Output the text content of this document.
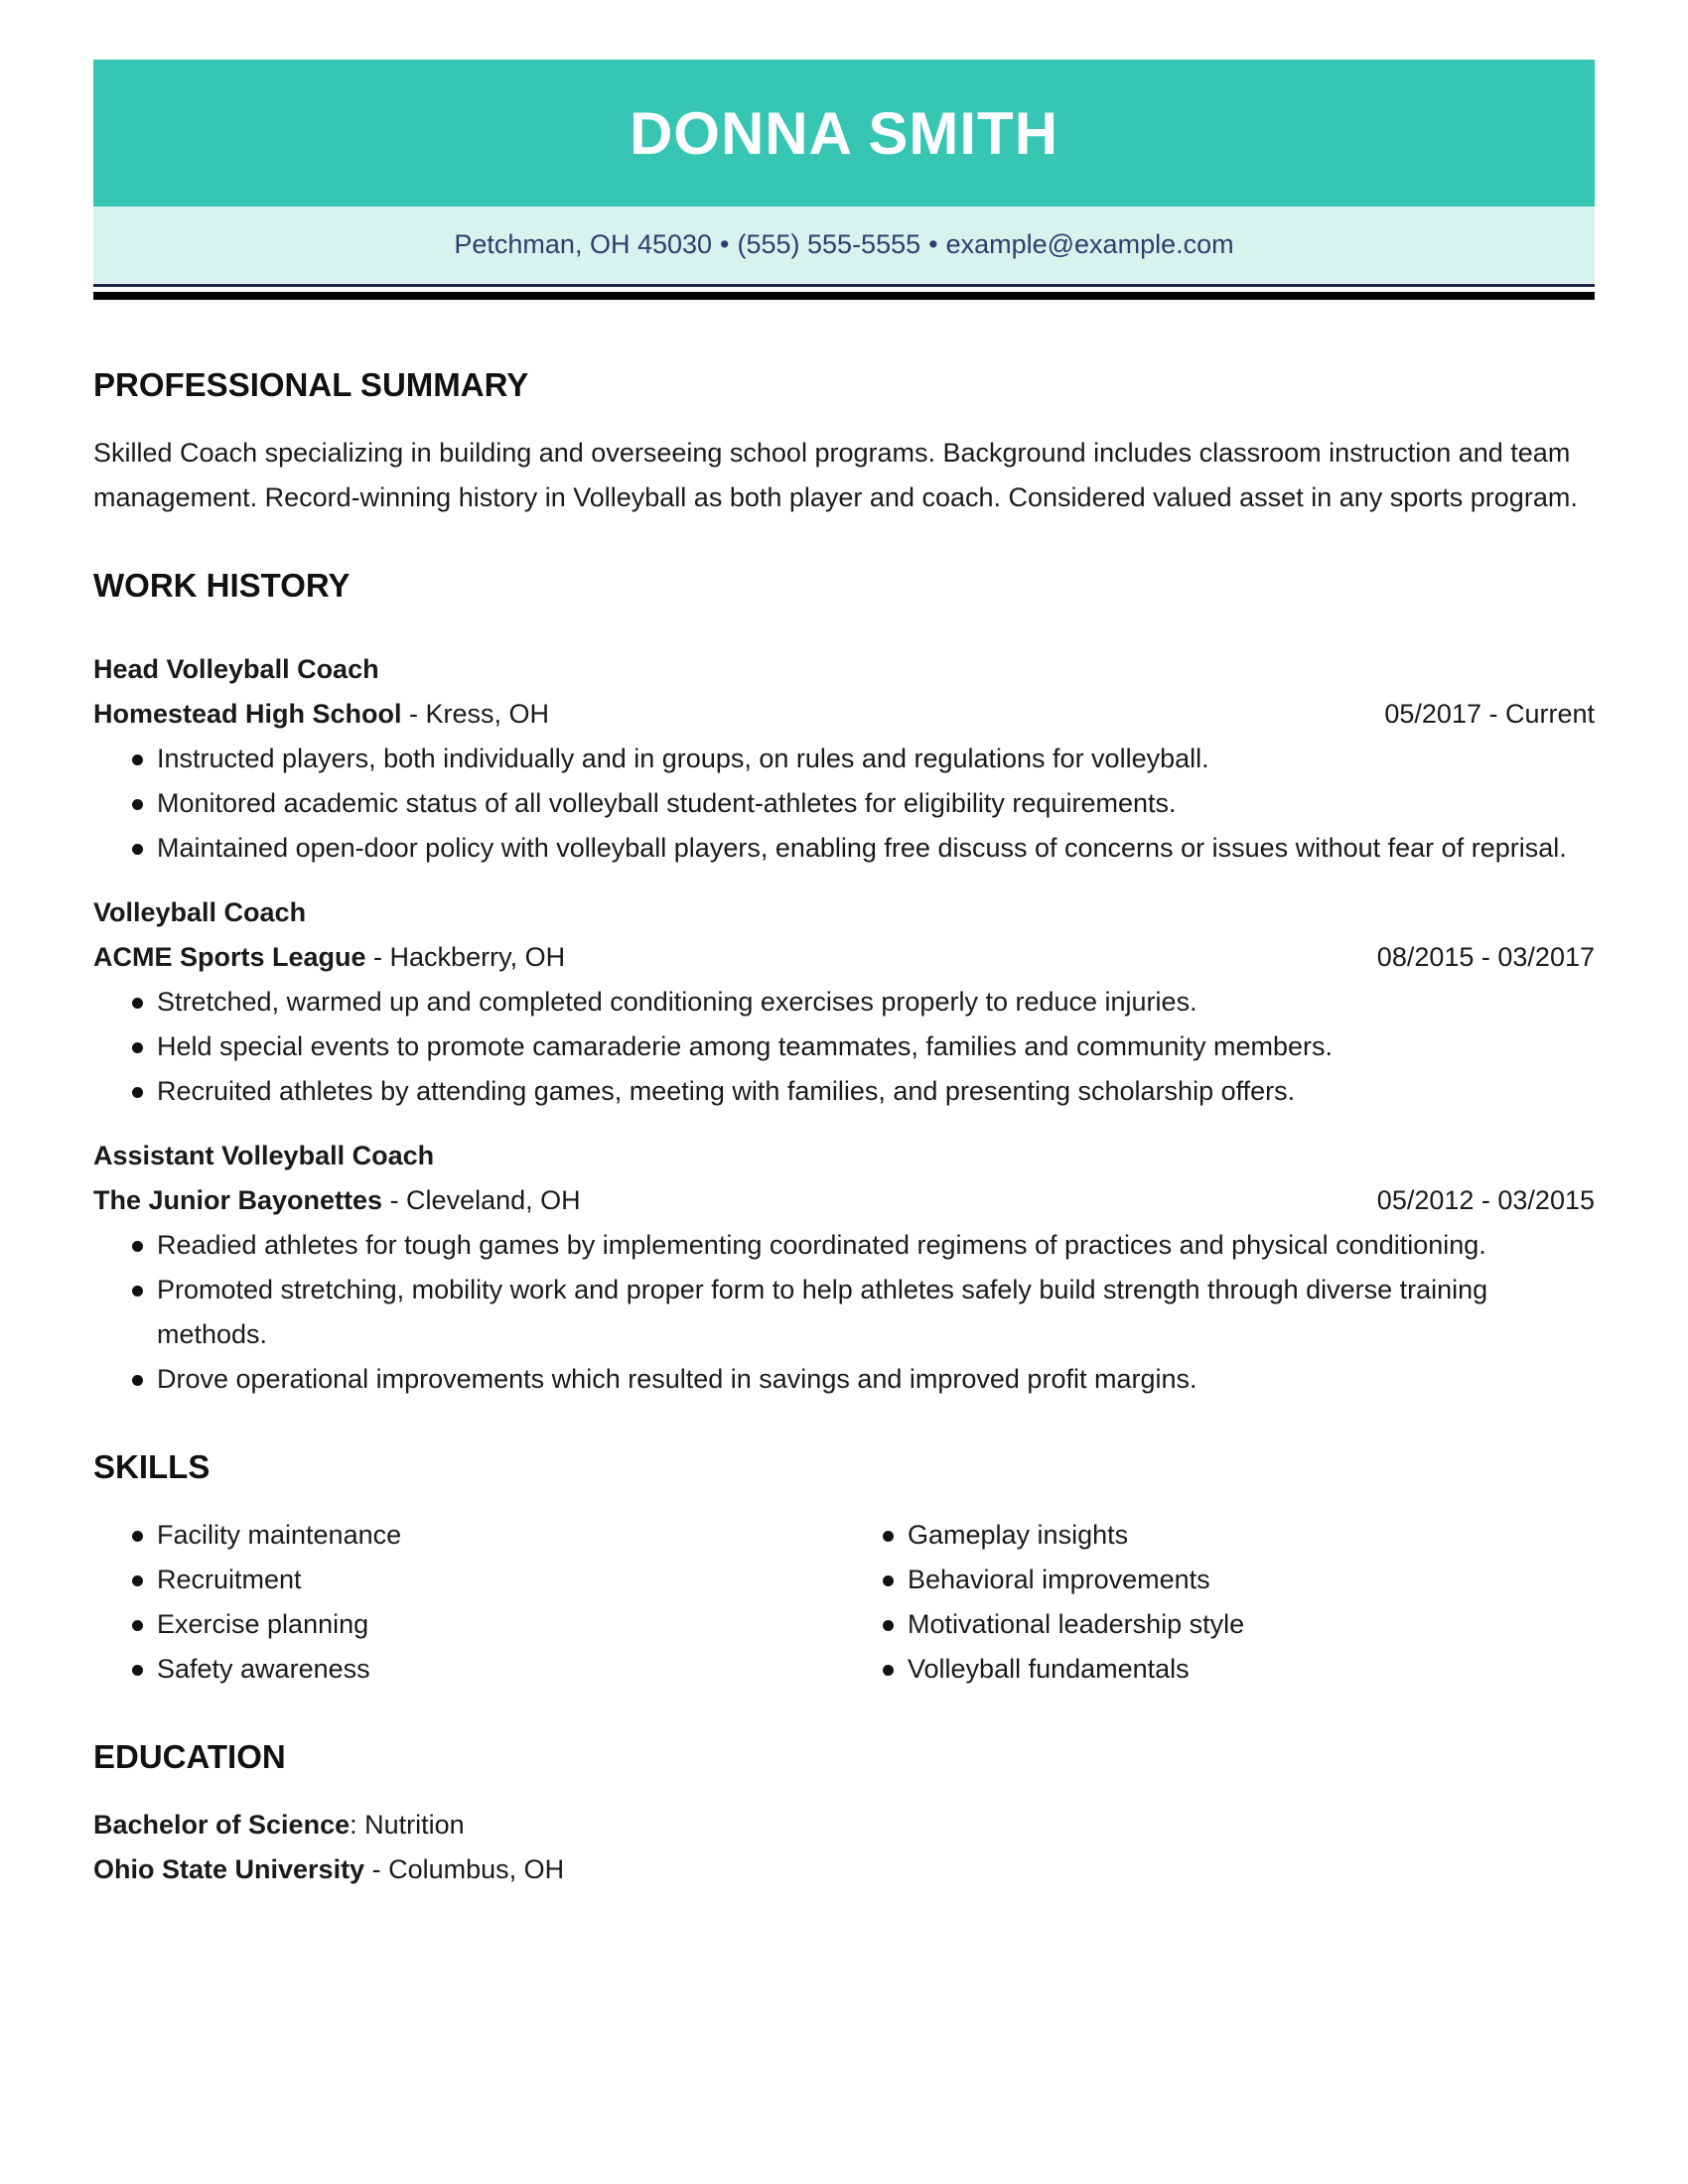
DONNA SMITH
Petchman, OH 45030 • (555) 555-5555 • example@example.com
PROFESSIONAL SUMMARY

Skilled Coach specializing in building and overseeing school programs. Background includes classroom instruction and team management. Record-winning history in Volleyball as both player and coach. Considered valued asset in any sports program.

WORK HISTORY

Head Volleyball Coach

Homestead High School - Kress, OH	05/2017 - Current

Instructed players, both individually and in groups, on rules and regulations for volleyball.
Monitored academic status of all volleyball student-athletes for eligibility requirements.
Maintained open-door policy with volleyball players, enabling free discuss of concerns or issues without fear of reprisal.

Volleyball Coach

ACME Sports League - Hackberry, OH	08/2015 - 03/2017

Stretched, warmed up and completed conditioning exercises properly to reduce injuries.
Held special events to promote camaraderie among teammates, families and community members.
Recruited athletes by attending games, meeting with families, and presenting scholarship offers.

Assistant Volleyball Coach

The Junior Bayonettes - Cleveland, OH	05/2012 - 03/2015

Readied athletes for tough games by implementing coordinated regimens of practices and physical conditioning.
Promoted stretching, mobility work and proper form to help athletes safely build strength through diverse training methods.
Drove operational improvements which resulted in savings and improved profit margins.
SKILLS
Facility maintenance
Recruitment
Exercise planning
Safety awareness
Gameplay insights
Behavioral improvements
Motivational leadership style
Volleyball fundamentals
EDUCATION

Bachelor of Science: Nutrition

Ohio State University - Columbus, OH
